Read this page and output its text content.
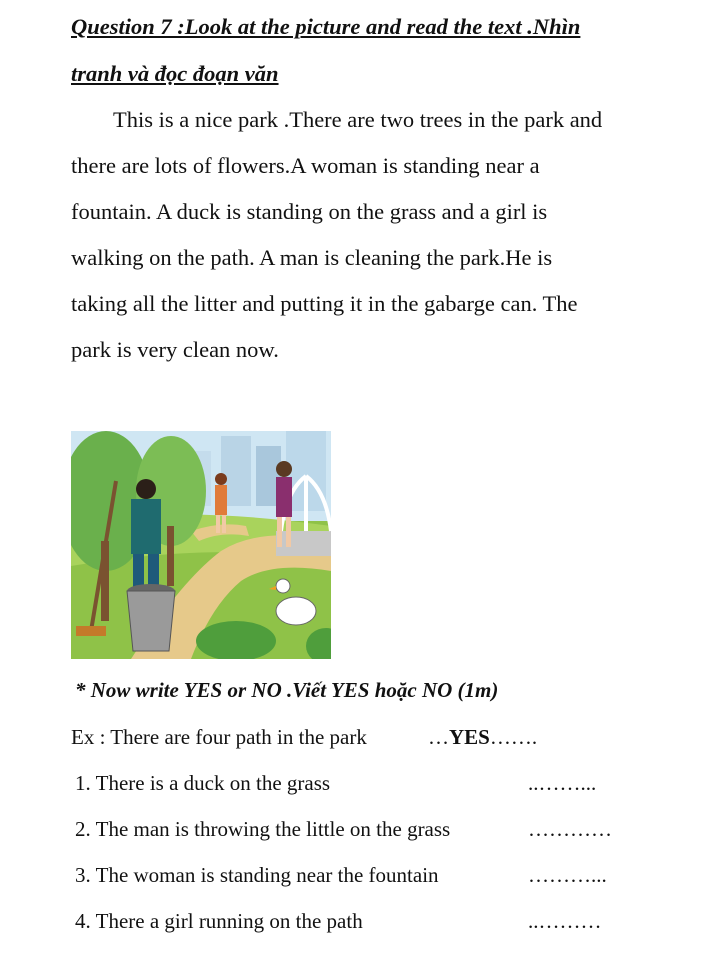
Question 7 :Look at the picture and read the text .Nhìn
tranh và đọc đoạn văn
This is a nice park .There are two trees in the park and
there are lots of flowers.A woman is standing near a
fountain. A duck is standing on the grass and a girl is
walking on the path. A man is cleaning the park.He is
taking all the litter and putting it in the gabarge can. The
park is very clean now.
* Now write YES or NO .Viết YES hoặc NO (1m)
Ex : There are four path in the park	…YES…….
1. There is a duck on the grass	..……...
2. The man is throwing the little on the grass	…………
3. The woman is standing near the fountain	………...
4. There a girl running on the path	..………
